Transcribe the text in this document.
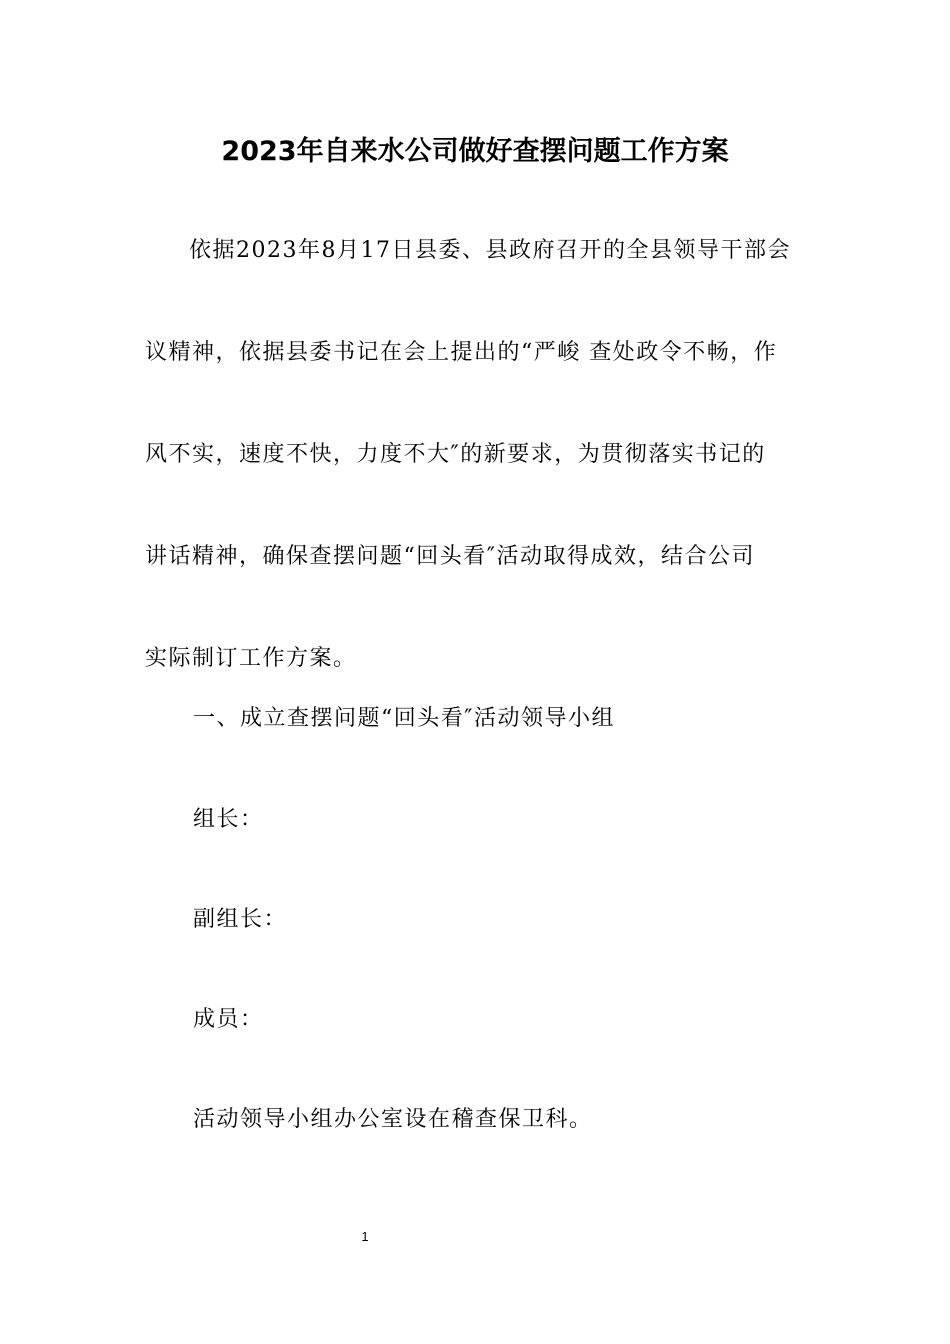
2023年自来水公司做好查摆问题工作方案

依据2023年8月17日县委、县政府召开的全县领导干部会
议精神，依据县委书记在会上提出的“严峻 查处政令不畅，作
风不实，速度不快，力度不大″的新要求，为贯彻落实书记的
讲话精神，确保查摆问题“回头看″活动取得成效，结合公司
实际制订工作方案。

一、成立查摆问题“回头看″活动领导小组

组长：

副组长：

成员：

活动领导小组办公室设在稽查保卫科。

1
